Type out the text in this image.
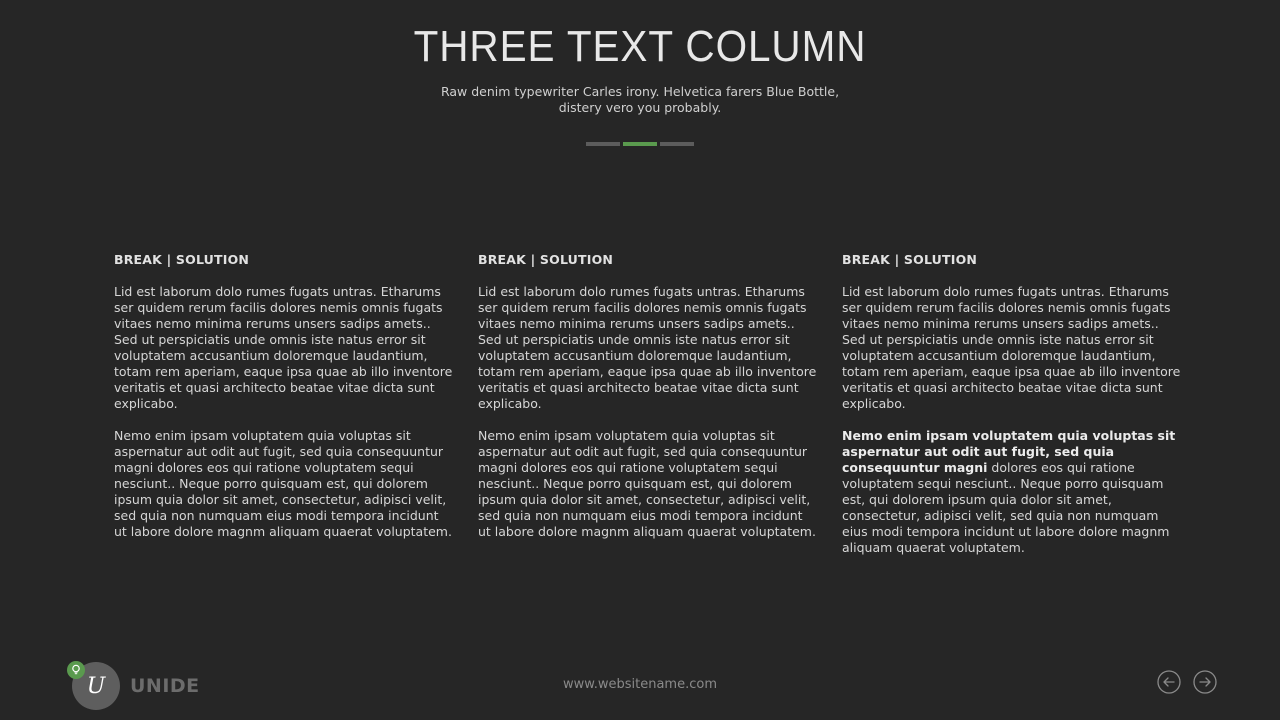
THREE TEXT COLUMN

Raw denim typewriter Carles irony. Helvetica farers Blue Bottle,
distery vero you probably.

BREAK | SOLUTION

Lid est laborum dolo rumes fugats untras. Etharums ser quidem rerum facilis dolores nemis omnis fugats vitaes nemo minima rerums unsers sadips amets.. Sed ut perspiciatis unde omnis iste natus error sit voluptatem accusantium doloremque laudantium, totam rem aperiam, eaque ipsa quae ab illo inventore veritatis et quasi architecto beatae vitae dicta sunt explicabo.

Nemo enim ipsam voluptatem quia voluptas sit aspernatur aut odit aut fugit, sed quia consequuntur magni dolores eos qui ratione voluptatem sequi nesciunt.. Neque porro quisquam est, qui dolorem ipsum quia dolor sit amet, consectetur, adipisci velit, sed quia non numquam eius modi tempora incidunt ut labore dolore magnm aliquam quaerat voluptatem.

BREAK | SOLUTION

Lid est laborum dolo rumes fugats untras. Etharums ser quidem rerum facilis dolores nemis omnis fugats vitaes nemo minima rerums unsers sadips amets.. Sed ut perspiciatis unde omnis iste natus error sit voluptatem accusantium doloremque laudantium, totam rem aperiam, eaque ipsa quae ab illo inventore veritatis et quasi architecto beatae vitae dicta sunt explicabo.

Nemo enim ipsam voluptatem quia voluptas sit aspernatur aut odit aut fugit, sed quia consequuntur magni dolores eos qui ratione voluptatem sequi nesciunt.. Neque porro quisquam est, qui dolorem ipsum quia dolor sit amet, consectetur, adipisci velit, sed quia non numquam eius modi tempora incidunt ut labore dolore magnm aliquam quaerat voluptatem.

BREAK | SOLUTION

Lid est laborum dolo rumes fugats untras. Etharums ser quidem rerum facilis dolores nemis omnis fugats vitaes nemo minima rerums unsers sadips amets.. Sed ut perspiciatis unde omnis iste natus error sit voluptatem accusantium doloremque laudantium, totam rem aperiam, eaque ipsa quae ab illo inventore veritatis et quasi architecto beatae vitae dicta sunt explicabo.

Nemo enim ipsam voluptatem quia voluptas sit aspernatur aut odit aut fugit, sed quia consequuntur magni dolores eos qui ratione voluptatem sequi nesciunt.. Neque porro quisquam est, qui dolorem ipsum quia dolor sit amet, consectetur, adipisci velit, sed quia non numquam eius modi tempora incidunt ut labore dolore magnm aliquam quaerat voluptatem.

U UNIDE	www.websitename.com
